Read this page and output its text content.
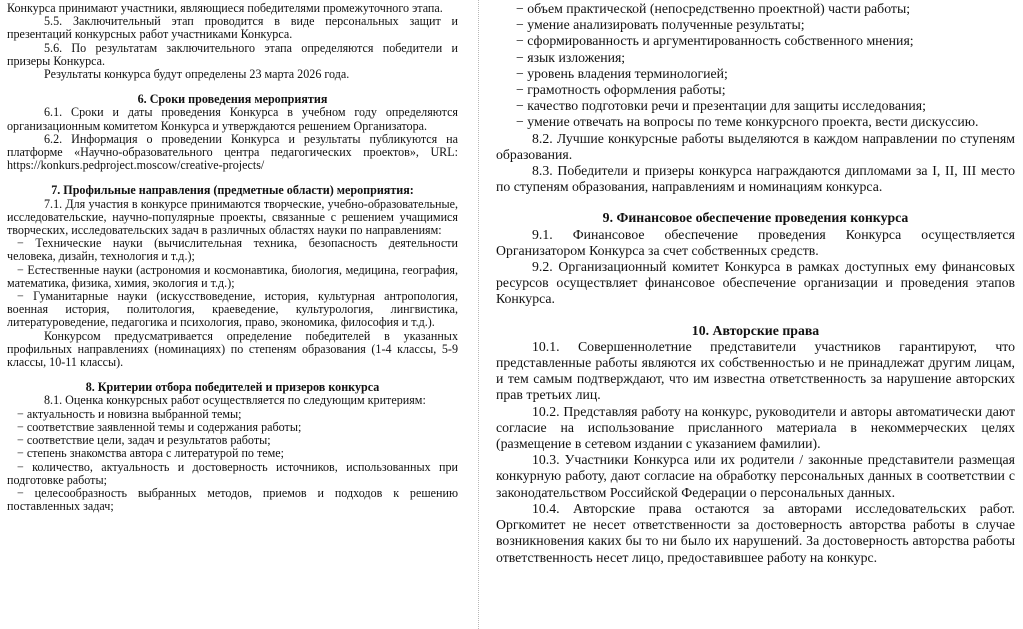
Конкурса принимают участники, являющиеся победителями промежуточного этапа.

5.5. Заключительный этап проводится в виде персональных защит и презентаций конкурсных работ участниками Конкурса.

5.6. По результатам заключительного этапа определяются победители и призеры Конкурса.

Результаты конкурса будут определены 23 марта 2026 года.

6. Сроки проведения мероприятия

6.1. Сроки и даты проведения Конкурса в учебном году определяются организационным комитетом Конкурса и утверждаются решением Организатора.

6.2. Информация о проведении Конкурса и результаты публикуются на платформе «Научно-образовательного центра педагогических проектов», URL: https://konkurs.pedproject.moscow/creative-projects/

7. Профильные направления (предметные области) мероприятия:

7.1. Для участия в конкурсе принимаются творческие, учебно-образовательные, исследовательские, научно-популярные проекты, связанные с решением учащимися творческих, исследовательских задач в различных областях науки по направлениям:

− Технические науки (вычислительная техника, безопасность деятельности человека, дизайн, технология и т.д.);

− Естественные науки (астрономия и космонавтика, биология, медицина, география, математика, физика, химия, экология и т.д.);

− Гуманитарные науки (искусствоведение, история, культурная антропология, военная история, политология, краеведение, культурология, лингвистика, литературоведение, педагогика и психология, право, экономика, философия и т.д.).

Конкурсом предусматривается определение победителей в указанных профильных направлениях (номинациях) по степеням образования (1-4 классы, 5-9 классы, 10-11 классы).

8. Критерии отбора победителей и призеров конкурса

8.1. Оценка конкурсных работ осуществляется по следующим критериям:

− актуальность и новизна выбранной темы;

− соответствие заявленной темы и содержания работы;

− соответствие цели, задач и результатов работы;

− степень знакомства автора с литературой по теме;

− количество, актуальность и достоверность источников, использованных при подготовке работы;

− целесообразность выбранных методов, приемов и подходов к решению поставленных задач;

− объем практической (непосредственно проектной) части работы;

− умение анализировать полученные результаты;

− сформированность и аргументированность собственного мнения;

− язык изложения;

− уровень владения терминологией;

− грамотность оформления работы;

− качество подготовки речи и презентации для защиты исследования;

− умение отвечать на вопросы по теме конкурсного проекта, вести дискуссию.

8.2. Лучшие конкурсные работы выделяются в каждом направлении по ступеням образования.

8.3. Победители и призеры конкурса награждаются дипломами за I, II, III место по ступеням образования, направлениям и номинациям конкурса.

9. Финансовое обеспечение проведения конкурса

9.1. Финансовое обеспечение проведения Конкурса осуществляется Организатором Конкурса за счет собственных средств.

9.2. Организационный комитет Конкурса в рамках доступных ему финансовых ресурсов осуществляет финансовое обеспечение организации и проведения этапов Конкурса.

10. Авторские права

10.1. Совершеннолетние представители участников гарантируют, что представленные работы являются их собственностью и не принадлежат другим лицам, и тем самым подтверждают, что им известна ответственность за нарушение авторских прав третьих лиц.

10.2. Представляя работу на конкурс, руководители и авторы автоматически дают согласие на использование присланного материала в некоммерческих целях (размещение в сетевом издании с указанием фамилии).

10.3. Участники Конкурса или их родители / законные представители размещая конкурную работу, дают согласие на обработку персональных данных в соответствии с законодательством Российской Федерации о персональных данных.

10.4. Авторские права остаются за авторами исследовательских работ. Оргкомитет не несет ответственности за достоверность авторства работы в случае возникновения каких бы то ни было их нарушений. За достоверность авторства работы ответственность несет лицо, предоставившее работу на конкурс.
